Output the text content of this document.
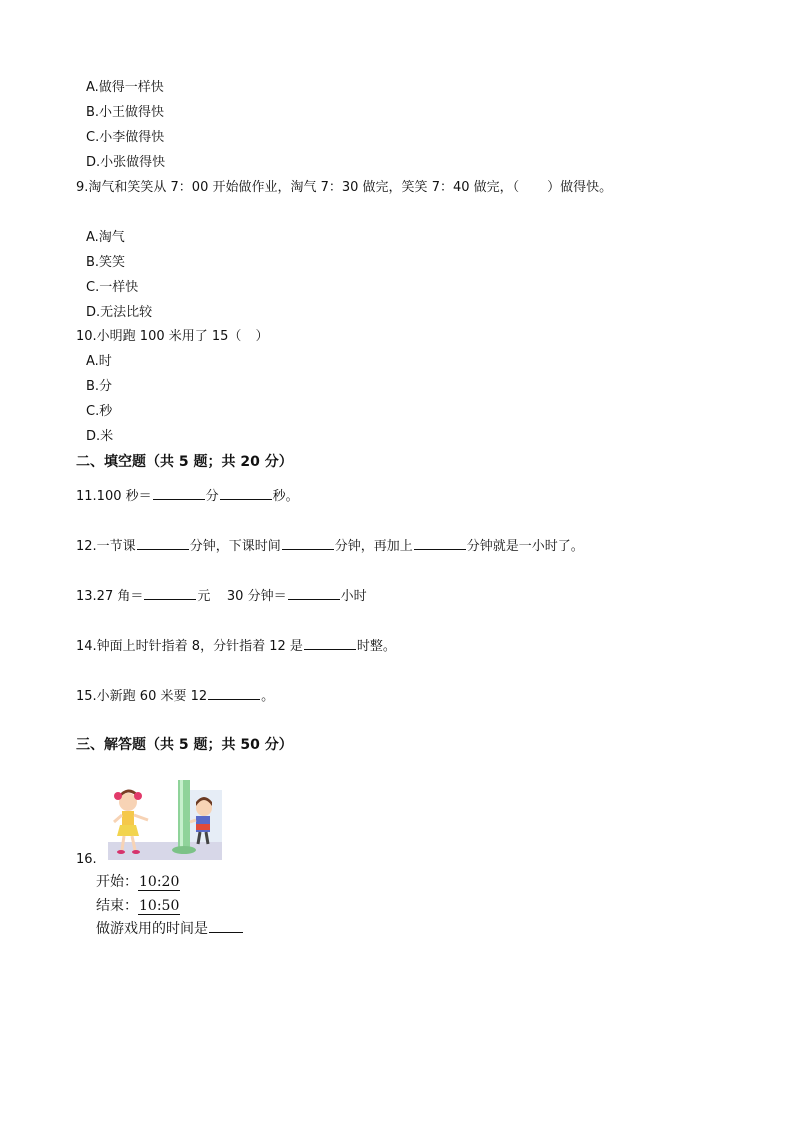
A.做得一样快
B.小王做得快
C.小李做得快
D.小张做得快
9.淘气和笑笑从 7：00 开始做作业，淘气 7：30 做完，笑笑 7：40 做完，（ ）做得快。
A.淘气
B.笑笑
C.一样快
D.无法比较
10.小明跑 100 米用了 15（ ）
A.时
B.分
C.秒
D.米
二、填空题（共 5 题；共 20 分）
11.100 秒＝	分	秒。
12.一节课	分钟，下课时间	分钟，再加上	分钟就是一小时了。
13.27 角＝	元    30 分钟＝	小时
14.钟面上时针指着 8，分针指着 12 是	时整。
15.小新跑 60 米要 12	。
三、解答题（共 5 题；共 50 分）
16.
开始：10:20
结束：10:50
做游戏用的时间是
